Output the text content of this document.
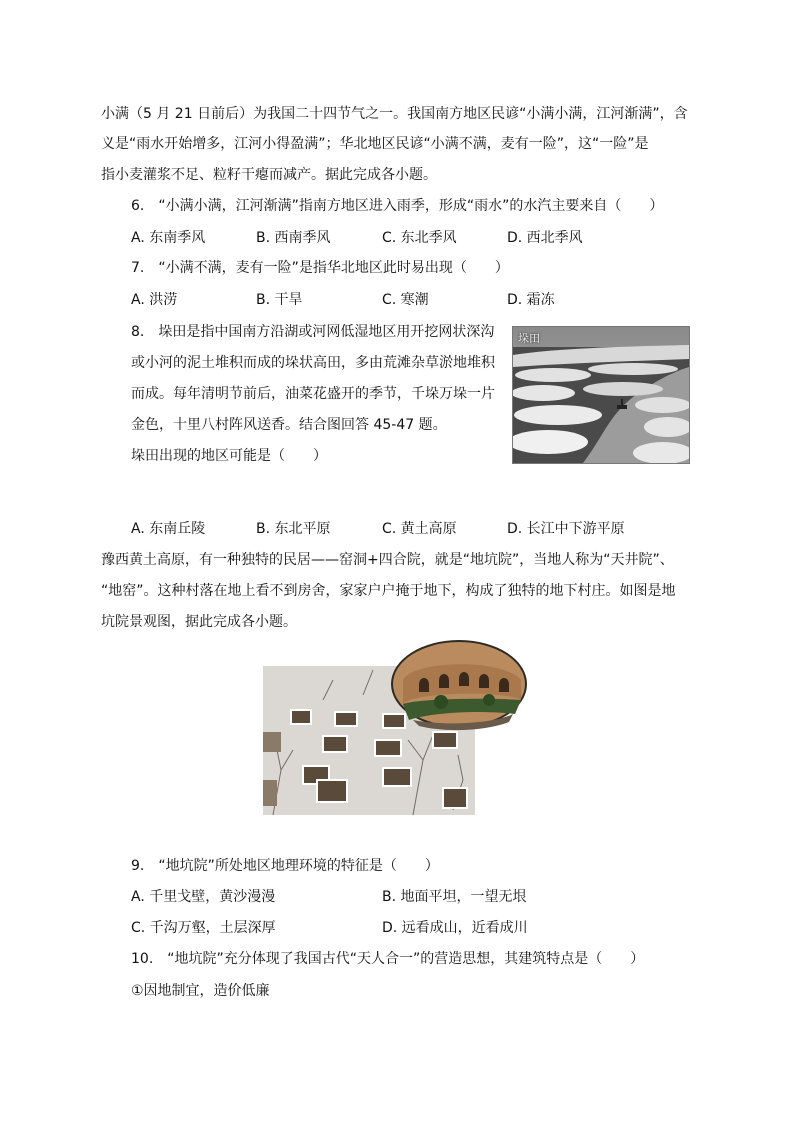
小满（5 月 21 日前后）为我国二十四节气之一。我国南方地区民谚“小满小满，江河渐满”，含
义是“雨水开始增多，江河小得盈满”；华北地区民谚“小满不满，麦有一险”，这“一险”是
指小麦灌浆不足、粒籽干瘪而减产。据此完成各小题。
6.　“小满小满，江河渐满”指南方地区进入雨季，形成“雨水”的水汽主要来自（　　）
A. 东南季风	B. 西南季风	C. 东北季风	D. 西北季风
7.　“小满不满，麦有一险”是指华北地区此时易出现（　　）
A. 洪涝	B. 干旱	C. 寒潮	D. 霜冻
8.　垛田是指中国南方沿湖或河网低湿地区用开挖网状深沟
或小河的泥土堆积而成的垛状高田，多由荒滩杂草淤地堆积
而成。每年清明节前后，油菜花盛开的季节，千垛万垛一片
金色，十里八村阵风送香。结合图回答 45-47 题。
垛田出现的地区可能是（　　）
垛田
A. 东南丘陵	B. 东北平原	C. 黄土高原	D. 长江中下游平原
豫西黄土高原，有一种独特的民居——窑洞+四合院，就是“地坑院”，当地人称为“天井院”、
“地窑”。这种村落在地上看不到房舍，家家户户掩于地下，构成了独特的地下村庄。如图是地
坑院景观图，据此完成各小题。
9.　“地坑院”所处地区地理环境的特征是（　　）
A. 千里戈壁，黄沙漫漫	B. 地面平坦，一望无垠
C. 千沟万壑，土层深厚	D. 远看成山，近看成川
10.　“地坑院”充分体现了我国古代“天人合一”的营造思想，其建筑特点是（　　）
①因地制宜，造价低廉
